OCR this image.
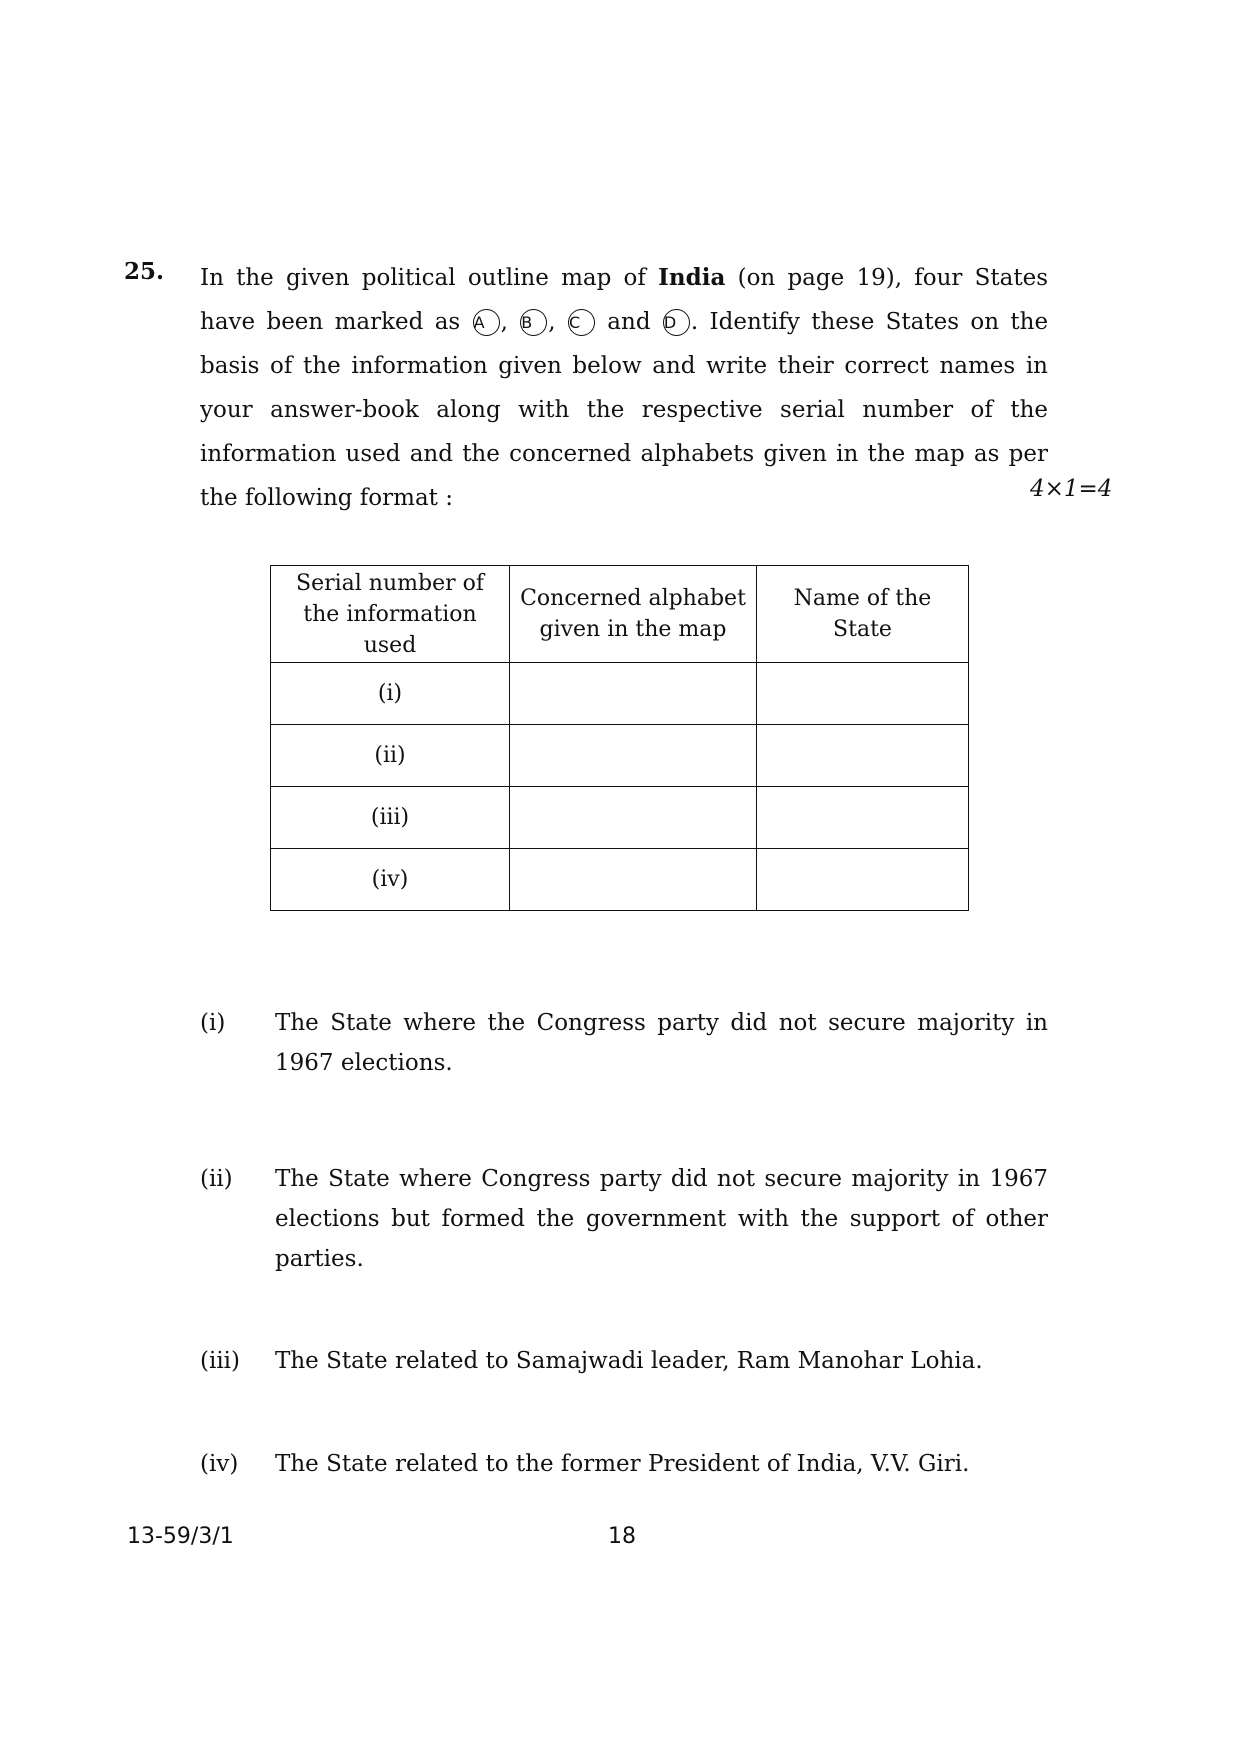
25. In the given political outline map of India (on page 19), four States
have been marked as A , B , C and D . Identify these States on the
basis of the information given below and write their correct names in
your answer-book along with the respective serial number of the
information used and the concerned alphabets given in the map as per
the following format :	4×1=4
Serial number of the information used	Concerned alphabet given in the map	Name of the State
(i)		
(ii)		
(iii)		
(iv)		
(i) The State where the Congress party did not secure majority in 1967 elections.
(ii) The State where Congress party did not secure majority in 1967 elections but formed the government with the support of other parties.
(iii) The State related to Samajwadi leader, Ram Manohar Lohia.
(iv) The State related to the former President of India, V.V. Giri.
13-59/3/1	18
